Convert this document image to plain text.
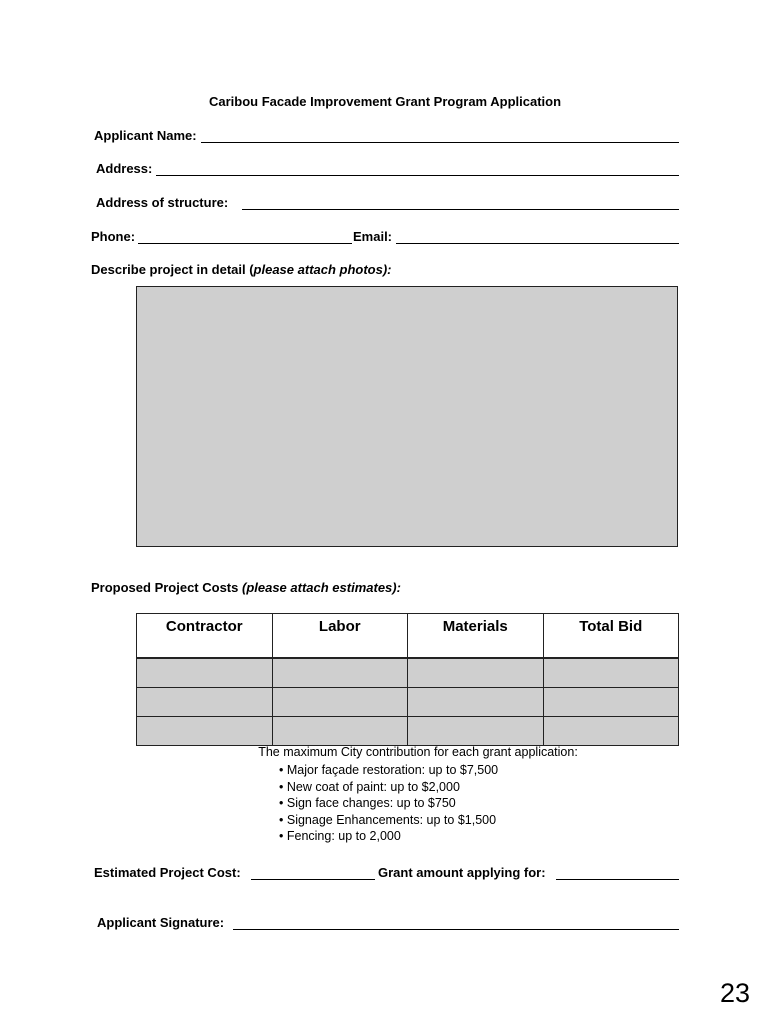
Caribou Facade Improvement Grant Program Application
Applicant Name:
Address:
Address of structure:
Phone:	Email:
Describe project in detail (please attach photos):
Proposed Project Costs (please attach estimates):
Contractor	Labor	Materials	Total Bid

The maximum City contribution for each grant application:
• Major façade restoration: up to $7,500
• New coat of paint: up to $2,000
• Sign face changes: up to $750
• Signage Enhancements: up to $1,500
• Fencing: up to 2,000
Estimated Project Cost:	Grant amount applying for:
Applicant Signature:
23
